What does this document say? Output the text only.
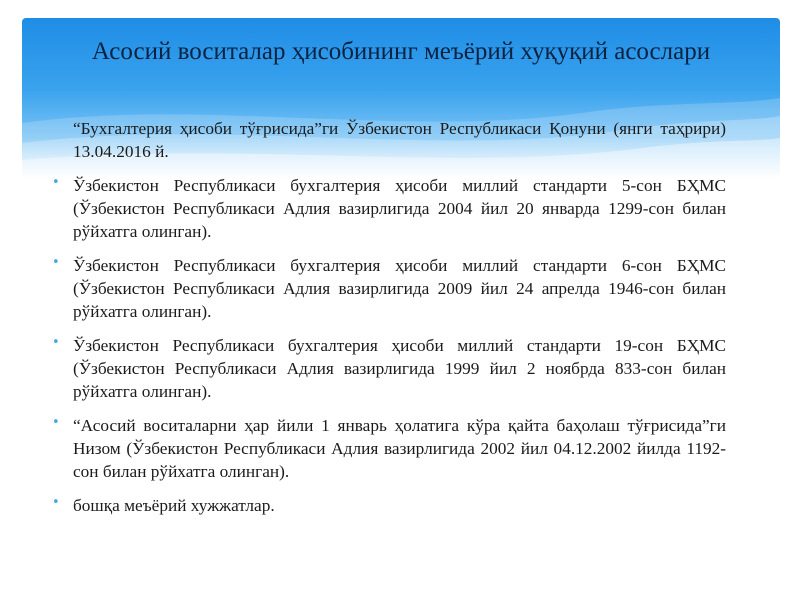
Асосий воситалар ҳисобининг меъёрий хуқуқий асослари
“Бухгалтерия ҳисоби тўғрисида”ги Ўзбекистон Республикаси Қонуни (янги таҳрири) 13.04.2016 й.
• Ўзбекистон Республикаси бухгалтерия ҳисоби миллий стандарти 5-сон БҲМС (Ўзбекистон Республикаси Адлия вазирлигида 2004 йил 20 январда 1299-сон билан рўйхатга олинган).
• Ўзбекистон Республикаси бухгалтерия ҳисоби миллий стандарти 6-сон БҲМС (Ўзбекистон Республикаси Адлия вазирлигида 2009 йил 24 апрелда 1946-сон билан рўйхатга олинган).
• Ўзбекистон Республикаси бухгалтерия ҳисоби миллий стандарти 19-сон БҲМС (Ўзбекистон Республикаси Адлия вазирлигида 1999 йил 2 ноябрда 833-сон билан рўйхатга олинган).
• “Асосий воситаларни ҳар йили 1 январь ҳолатига кўра қайта баҳолаш тўғрисида”ги Низом (Ўзбекистон Республикаси Адлия вазирлигида 2002 йил 04.12.2002 йилда 1192-сон билан рўйхатга олинган).
• бошқа меъёрий хужжатлар.
